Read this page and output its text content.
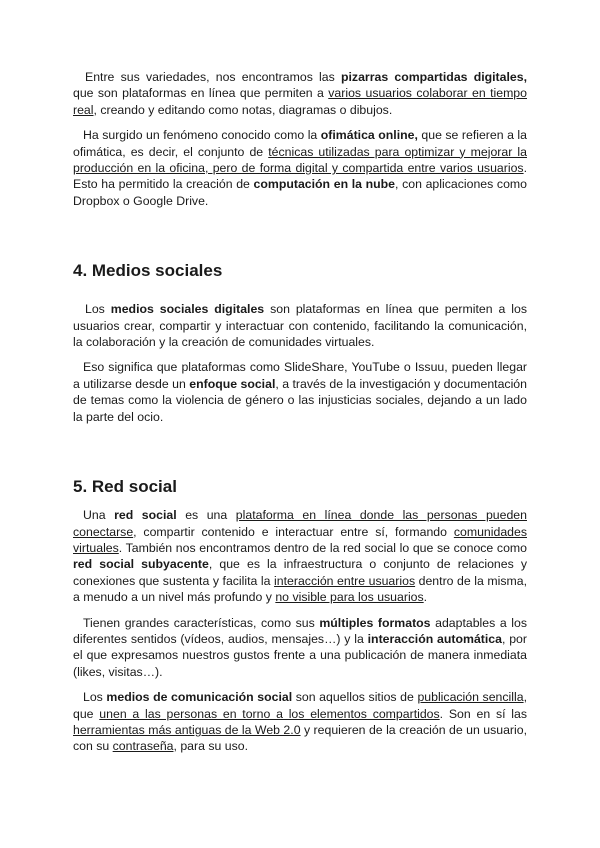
Entre sus variedades, nos encontramos las pizarras compartidas digitales, que son plataformas en línea que permiten a varios usuarios colaborar en tiempo real, creando y editando como notas, diagramas o dibujos.

Ha surgido un fenómeno conocido como la ofimática online, que se refieren a la ofimática, es decir, el conjunto de técnicas utilizadas para optimizar y mejorar la producción en la oficina, pero de forma digital y compartida entre varios usuarios. Esto ha permitido la creación de computación en la nube, con aplicaciones como Dropbox o Google Drive.

4. Medios sociales

Los medios sociales digitales son plataformas en línea que permiten a los usuarios crear, compartir y interactuar con contenido, facilitando la comunicación, la colaboración y la creación de comunidades virtuales.

Eso significa que plataformas como SlideShare, YouTube o Issuu, pueden llegar a utilizarse desde un enfoque social, a través de la investigación y documentación de temas como la violencia de género o las injusticias sociales, dejando a un lado la parte del ocio.

5. Red social

Una red social es una plataforma en línea donde las personas pueden conectarse, compartir contenido e interactuar entre sí, formando comunidades virtuales. También nos encontramos dentro de la red social lo que se conoce como red social subyacente, que es la infraestructura o conjunto de relaciones y conexiones que sustenta y facilita la interacción entre usuarios dentro de la misma, a menudo a un nivel más profundo y no visible para los usuarios.

Tienen grandes características, como sus múltiples formatos adaptables a los diferentes sentidos (vídeos, audios, mensajes…) y la interacción automática, por el que expresamos nuestros gustos frente a una publicación de manera inmediata (likes, visitas…).

Los medios de comunicación social son aquellos sitios de publicación sencilla, que unen a las personas en torno a los elementos compartidos. Son en sí las herramientas más antiguas de la Web 2.0 y requieren de la creación de un usuario, con su contraseña, para su uso.
